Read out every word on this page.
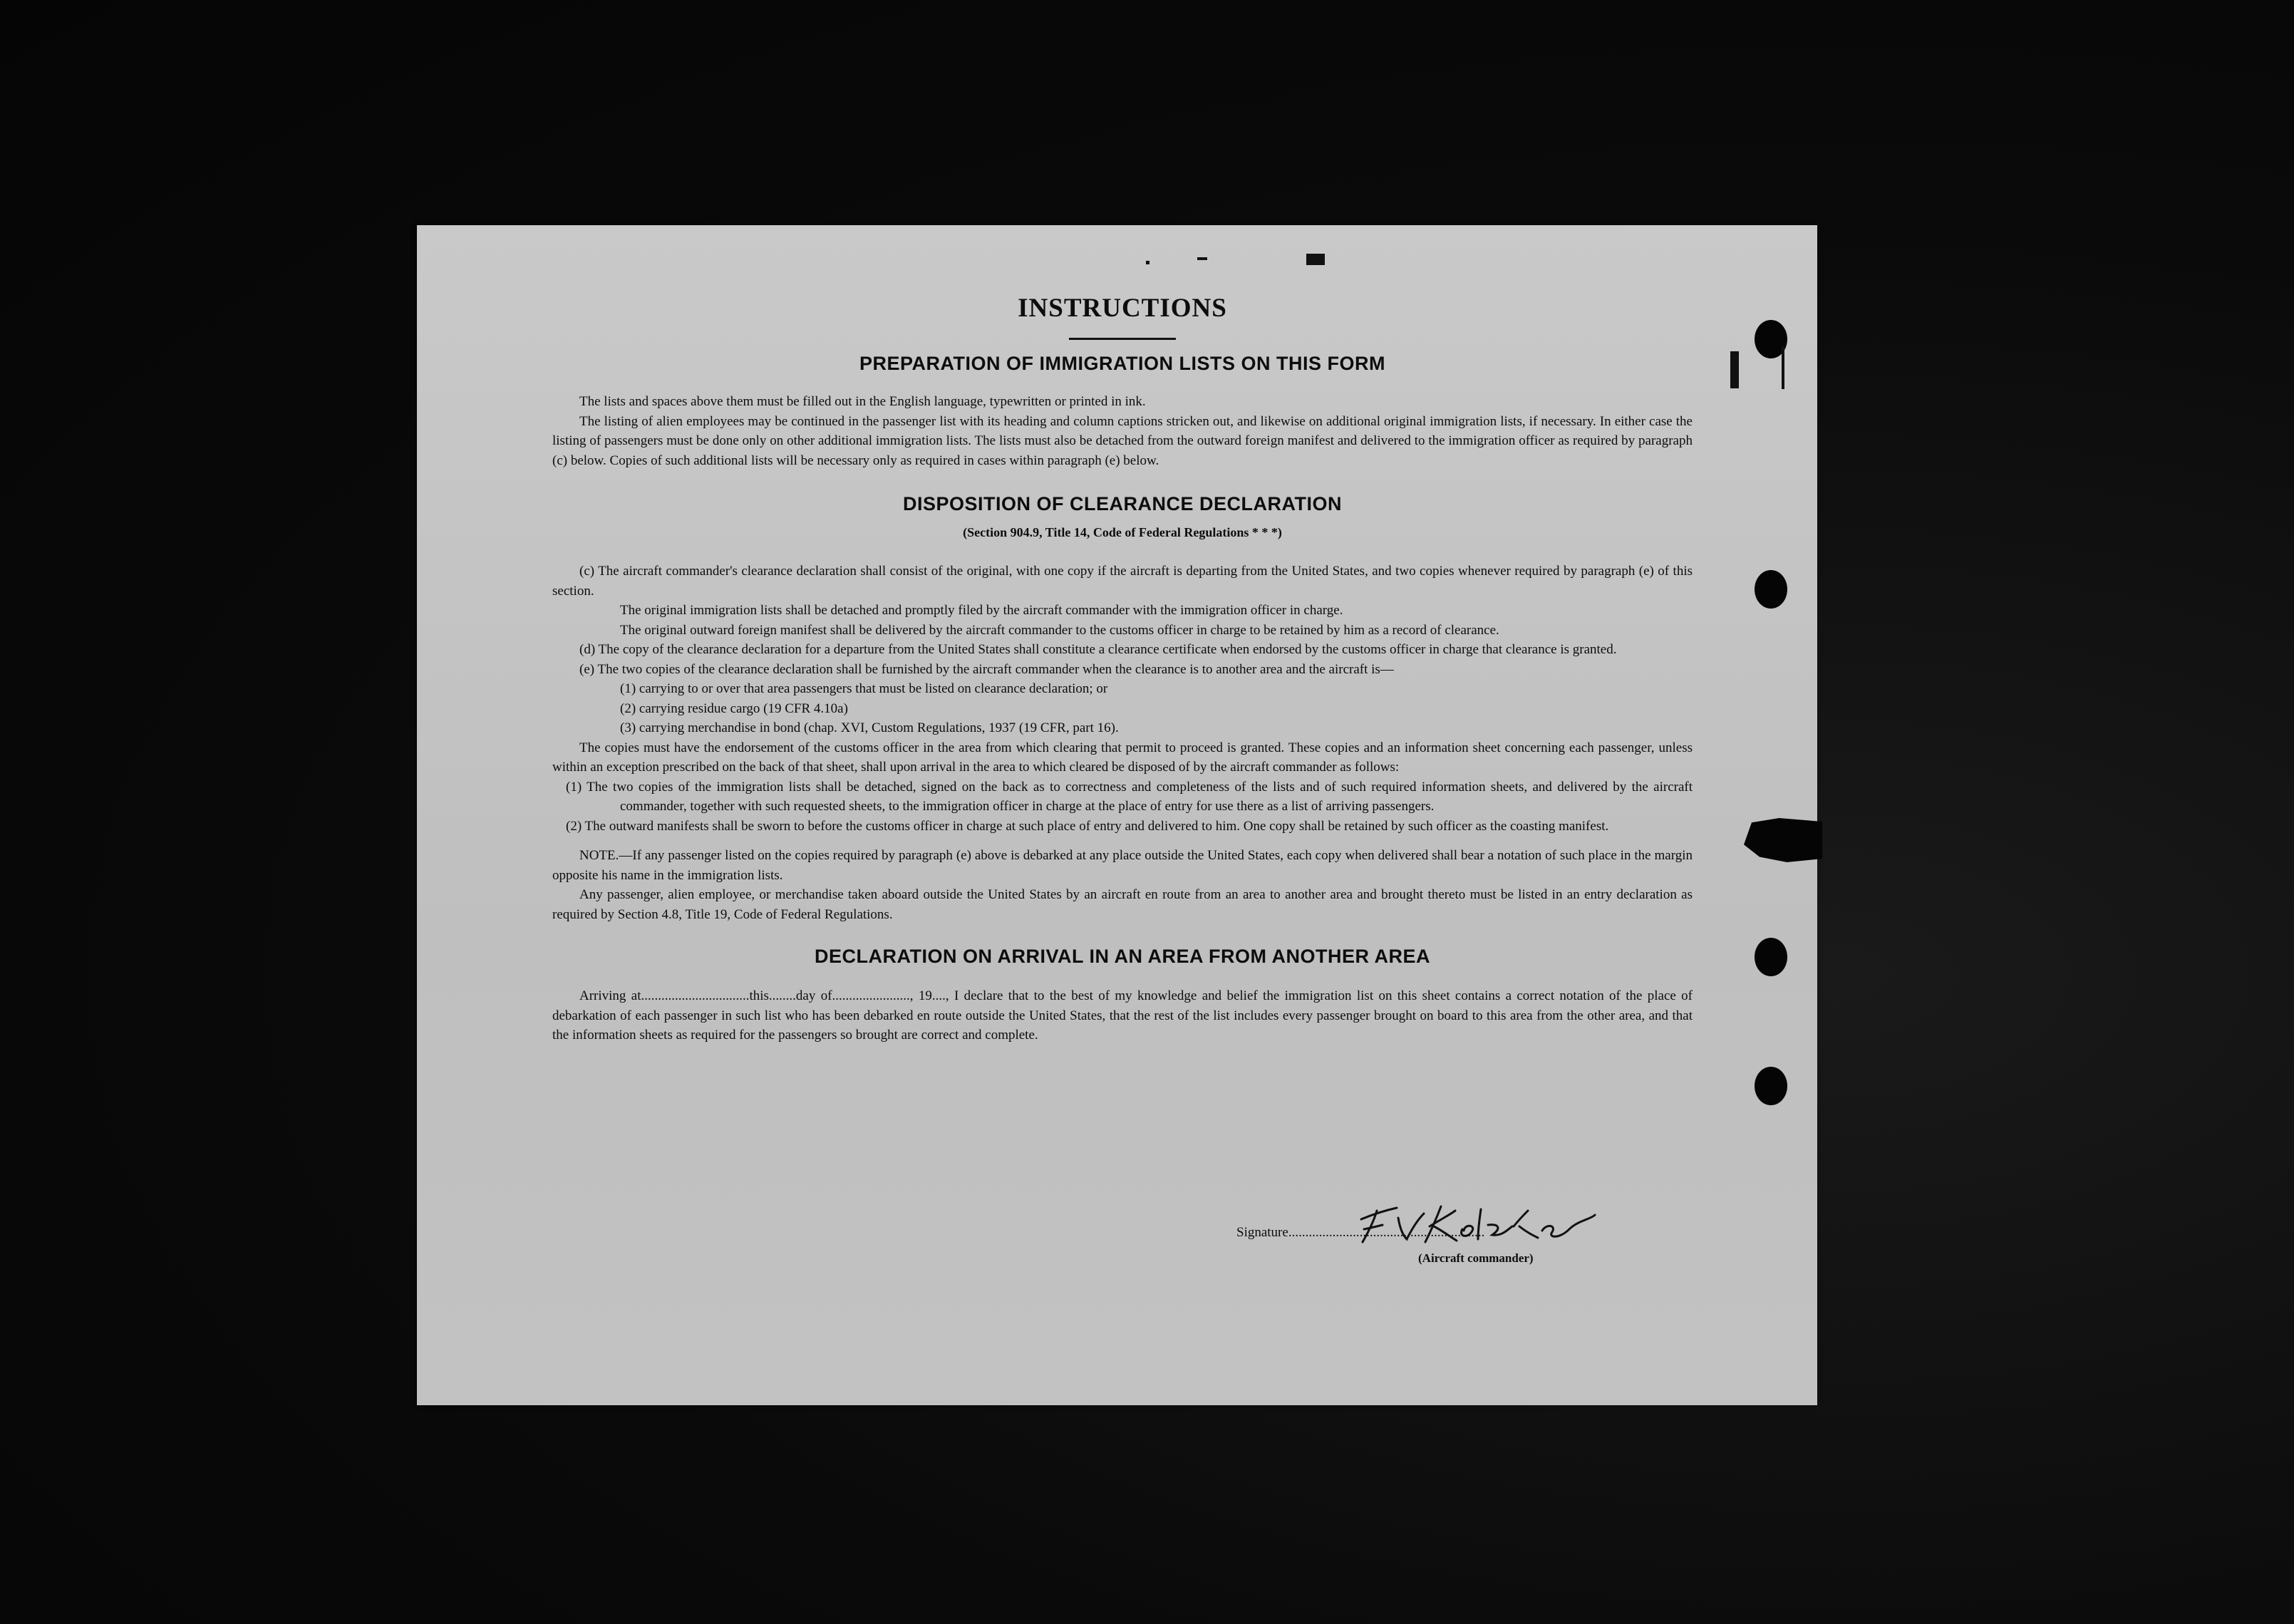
INSTRUCTIONS
PREPARATION OF IMMIGRATION LISTS ON THIS FORM

The lists and spaces above them must be filled out in the English language, typewritten or printed in ink.

The listing of alien employees may be continued in the passenger list with its heading and column captions stricken out, and likewise on additional original immigration lists, if necessary. In either case the listing of passengers must be done only on other additional immigration lists. The lists must also be detached from the outward foreign manifest and delivered to the immigration officer as required by paragraph (c) below. Copies of such additional lists will be necessary only as required in cases within paragraph (e) below.

DISPOSITION OF CLEARANCE DECLARATION

(Section 904.9, Title 14, Code of Federal Regulations * * *)

(c) The aircraft commander's clearance declaration shall consist of the original, with one copy if the aircraft is departing from the United States, and two copies whenever required by paragraph (e) of this section.

The original immigration lists shall be detached and promptly filed by the aircraft commander with the immigration officer in charge.

The original outward foreign manifest shall be delivered by the aircraft commander to the customs officer in charge to be retained by him as a record of clearance.

(d) The copy of the clearance declaration for a departure from the United States shall constitute a clearance certificate when endorsed by the customs officer in charge that clearance is granted.

(e) The two copies of the clearance declaration shall be furnished by the aircraft commander when the clearance is to another area and the aircraft is—

(1) carrying to or over that area passengers that must be listed on clearance declaration; or

(2) carrying residue cargo (19 CFR 4.10a)

(3) carrying merchandise in bond (chap. XVI, Custom Regulations, 1937 (19 CFR, part 16).

The copies must have the endorsement of the customs officer in the area from which clearing that permit to proceed is granted. These copies and an information sheet concerning each passenger, unless within an exception prescribed on the back of that sheet, shall upon arrival in the area to which cleared be disposed of by the aircraft commander as follows:

(1) The two copies of the immigration lists shall be detached, signed on the back as to correctness and completeness of the lists and of such required information sheets, and delivered by the aircraft commander, together with such requested sheets, to the immigration officer in charge at the place of entry for use there as a list of arriving passengers.

(2) The outward manifests shall be sworn to before the customs officer in charge at such place of entry and delivered to him. One copy shall be retained by such officer as the coasting manifest.

NOTE.—If any passenger listed on the copies required by paragraph (e) above is debarked at any place outside the United States, each copy when delivered shall bear a notation of such place in the margin opposite his name in the immigration lists.

Any passenger, alien employee, or merchandise taken aboard outside the United States by an aircraft en route from an area to another area and brought thereto must be listed in an entry declaration as required by Section 4.8, Title 19, Code of Federal Regulations.

DECLARATION ON ARRIVAL IN AN AREA FROM ANOTHER AREA

Arriving at................................this........day of......................., 19...., I declare that to the best of my knowledge and belief the immigration list on this sheet contains a correct notation of the place of debarkation of each passenger in such list who has been debarked en route outside the United States, that the rest of the list includes every passenger brought on board to this area from the other area, and that the information sheets as required for the passengers so brought are correct and complete.

Signature..........................................................
(Aircraft commander)
